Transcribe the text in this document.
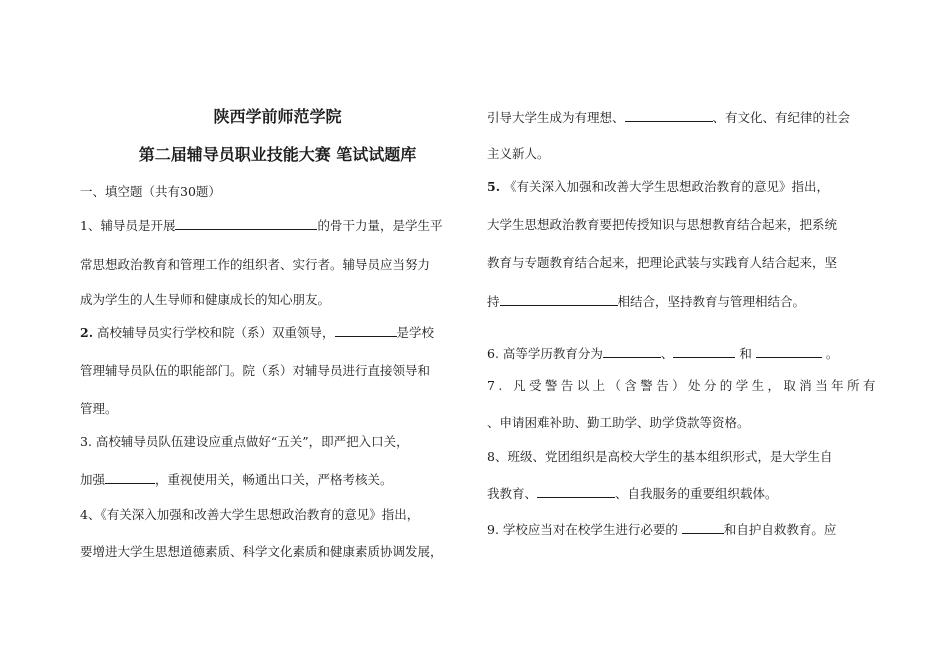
陕西学前师范学院
第二届辅导员职业技能大赛 笔试试题库
一、填空题（共有30题）
1、辅导员是开展	的骨干力量，是学生平
常思想政治教育和管理工作的组织者、实行者。辅导员应当努力
成为学生的人生导师和健康成长的知心朋友。
2. 高校辅导员实行学校和院（系）双重领导，	是学校
管理辅导员队伍的职能部门。院（系）对辅导员进行直接领导和
管理。
3. 高校辅导员队伍建设应重点做好“五关”，即严把入口关，
加强	，重视使用关，畅通出口关，严格考核关。
4、《有关深入加强和改善大学生思想政治教育的意见》指出，
要增进大学生思想道德素质、科学文化素质和健康素质协调发展，
引导大学生成为有理想、	、有文化、有纪律的社会
主义新人。
5. 《有关深入加强和改善大学生思想政治教育的意见》指出，
大学生思想政治教育要把传授知识与思想教育结合起来，把系统
教育与专题教育结合起来，把理论武装与实践育人结合起来，坚
持	相结合，坚持教育与管理相结合。
6. 高等学历教育分为	、	和	。
7. 凡受警告以上（含警告）处分的学生，取消当年所有
、申请困难补助、勤工助学、助学贷款等资格。
8、班级、党团组织是高校大学生的基本组织形式，是大学生自
我教育、	、自我服务的重要组织载体。
9. 学校应当对在校学生进行必要的	和自护自救教育。应
